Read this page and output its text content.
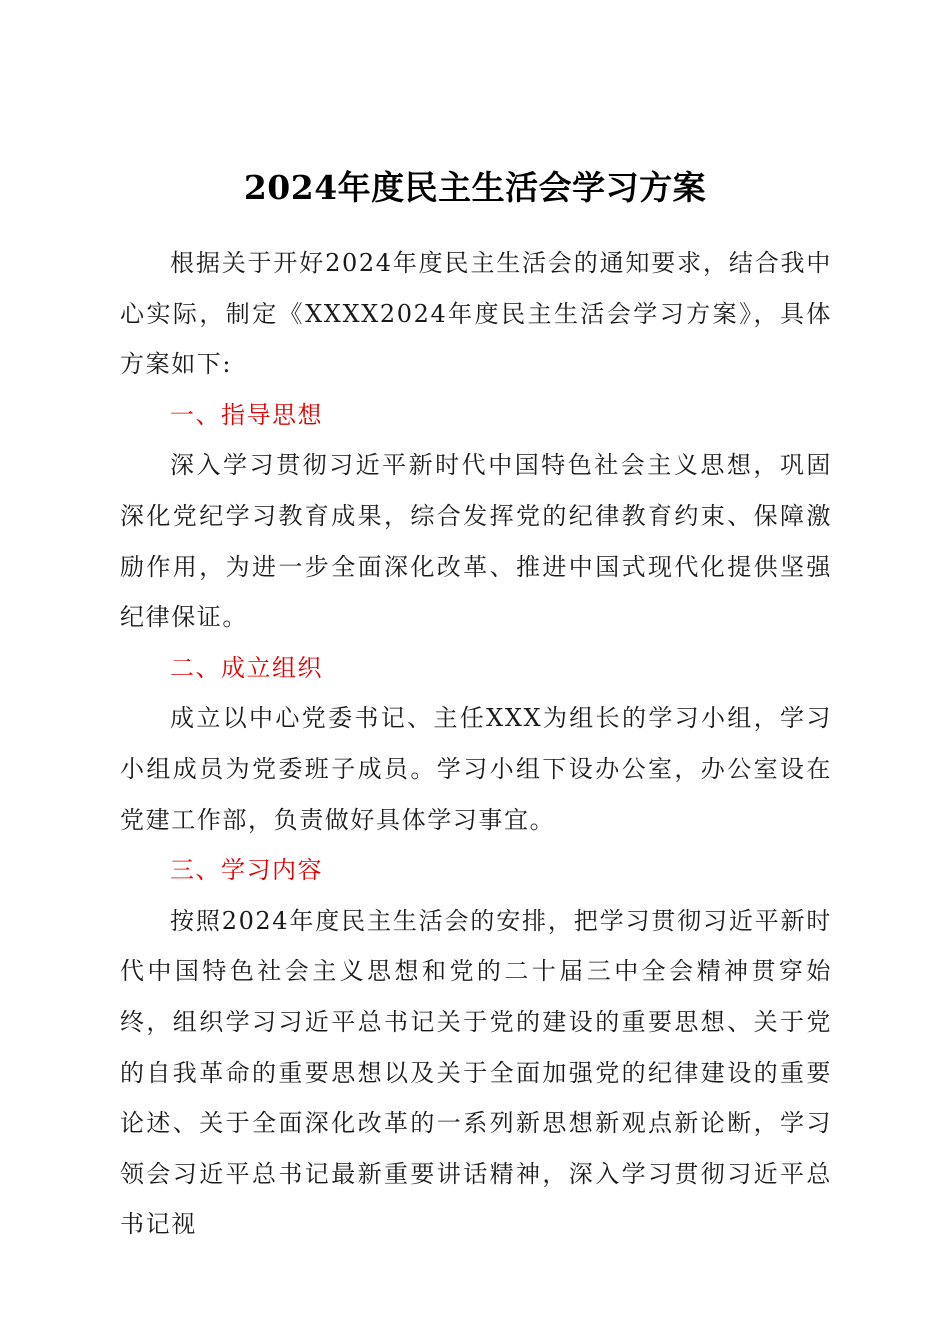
2024年度民主生活会学习方案

根据关于开好2024年度民主生活会的通知要求，结合我中心实际，制定《XXXX2024年度民主生活会学习方案》，具体方案如下:

一、指导思想

深入学习贯彻习近平新时代中国特色社会主义思想，巩固深化党纪学习教育成果，综合发挥党的纪律教育约束、保障激励作用，为进一步全面深化改革、推进中国式现代化提供坚强纪律保证。

二、成立组织

成立以中心党委书记、主任XXX为组长的学习小组，学习小组成员为党委班子成员。学习小组下设办公室，办公室设在党建工作部，负责做好具体学习事宜。

三、学习内容

按照2024年度民主生活会的安排，把学习贯彻习近平新时代中国特色社会主义思想和党的二十届三中全会精神贯穿始终，组织学习习近平总书记关于党的建设的重要思想、关于党的自我革命的重要思想以及关于全面加强党的纪律建设的重要论述、关于全面深化改革的一系列新思想新观点新论断，学习领会习近平总书记最新重要讲话精神，深入学习贯彻习近平总书记视
